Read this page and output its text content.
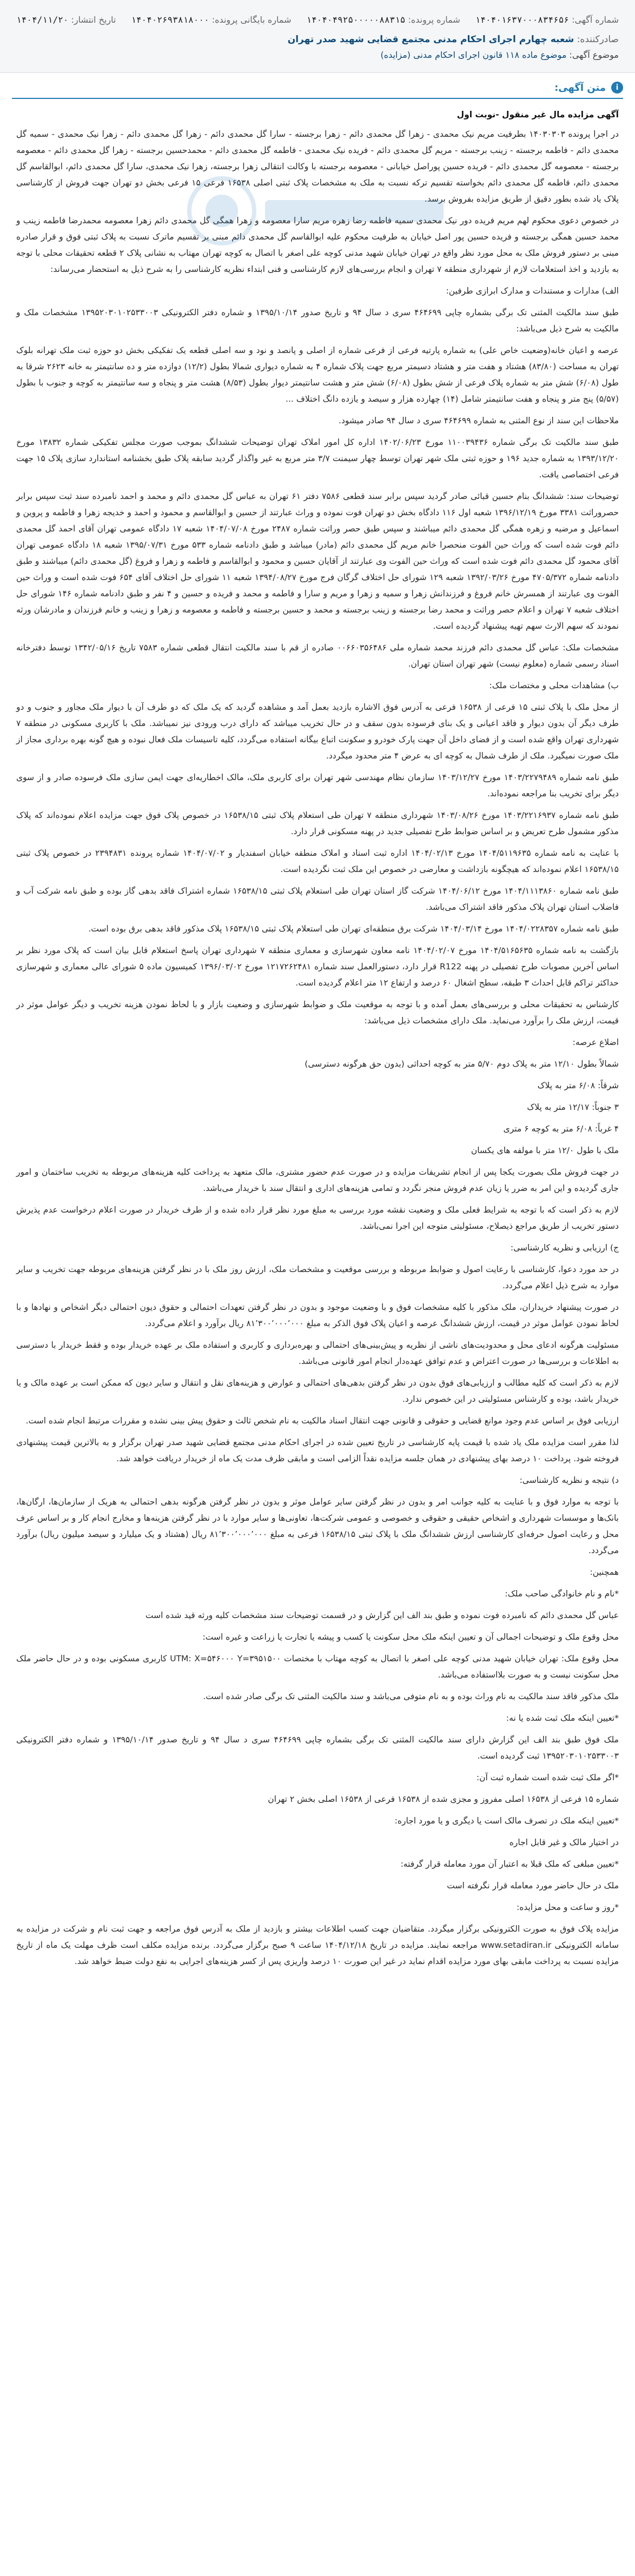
شماره آگهی: ۱۴۰۴۰۱۶۳۷۰۰۰۸۳۴۶۵۶
شماره پرونده: ۱۴۰۴۰۴۹۲۵۰۰۰۰۰۸۸۳۱۵
شماره بایگانی پرونده: ۱۴۰۴۰۲۶۹۳۸۱۸۰۰۰
تاریخ انتشار: ۱۴۰۴/۱۱/۲۰
صادرکننده: شعبه چهارم اجرای احکام مدنی مجتمع قضایی شهید صدر تهران
موضوع آگهی: موضوع ماده ۱۱۸ قانون اجرای احکام مدنی (مزایده)
i
متن آگهی:

آگهی مزایده مال غیر منقول -نوبت اول

در اجرا پرونده ۱۴۰۳۰۳۰۳ بطرفیت مریم نیک محمدی - زهرا گل محمدی دائم - زهرا برجسته - سارا گل محمدی دائم - زهرا گل محمدی دائم - زهرا نیک محمدی - سمیه گل محمدی دائم - فاطمه برجسته - زینب برجسته - مریم گل محمدی دائم - فریده نیک محمدی - فاطمه گل محمدی دائم - محمدحسین برجسته - زهرا گل محمدی دائم - معصومه برجسته - معصومه گل محمدی دائم - فریده حسین پوراصل خیابانی - معصومه برجسته با وکالت انتقالی زهرا برجسته، زهرا نیک محمدی، سارا گل محمدی دائم، ابوالقاسم گل محمدی دائم، فاطمه گل محمدی دائم بخواسته تقسیم ترکه نسبت به ملک به مشخصات پلاک ثبتی اصلی ۱۶۵۳۸ فرعی ۱۵ فرعی بخش دو تهران جهت فروش از کارشناسی پلاک یاد شده بطور دقیق از طریق مزایده بفروش برسد.

در خصوص دعوی محکوم لهم مریم فریده دور نیک محمدی سمیه فاطمه رضا زهره مریم سارا معصومه و زهرا همگی گل محمدی دائم زهرا معصومه محمدرضا فاطمه زینب و محمد حسین همگی برجسته و فریده حسین پور اصل خیابان به طرفیت محکوم علیه ابوالقاسم گل محمدی دائم مبنی بر تقسیم ماترک نسبت به پلاک ثبتی فوق و قرار صادره مبنی بر دستور فروش ملک به محل مورد نظر واقع در تهران خیابان شهید مدنی کوچه علی اصغر با اتصال به کوچه تهران مهتاب به نشانی پلاک ۲ قطعه تحقیقات محلی با توجه به بازدید و اخذ استعلامات لازم از شهرداری منطقه ۷ تهران و انجام بررسی‌های لازم کارشناسی و فنی ابتداء نظریه کارشناسی را به شرح ذیل به استحضار می‌رساند:

الف) مدارات و مستندات و مدارک ابرازی طرفین:

طبق سند مالکیت المثنی تک برگی بشماره چاپی ۴۶۴۶۹۹ سری د سال ۹۴ و تاریخ صدور ۱۳۹۵/۱۰/۱۴ و شماره دفتر الکترونیکی ۱۳۹۵۲۰۳۰۱۰۲۵۳۳۰۰۳ مشخصات ملک و مالکیت به شرح ذیل می‌باشد:

عرصه و اعیان خانه(وضعیت خاص علی) به شماره پارتیه فرعی از فرعی شماره از اصلی و پانصد و نود و سه اصلی قطعه یک تفکیکی بخش دو حوزه ثبت ملک تهرانه بلوک تهران به مساحت (۸۳/۸۰) هشتاد و هفت متر و هشتاد دسیمتر مربع جهت پلاک شماره ۴ به شماره دیواری شمالا بطول (۱۲/۲) دوازده متر و ده سانتیمتر به خانه ۲۶۲۳ شرقا به طول (۶/۰۸) شش متر به شماره پلاک فرعی از شش بطول (۶/۰۸) شش متر و هشت سانتیمتر دیوار بطول (۸/۵۳) هشت متر و پنجاه و سه سانتیمتر به کوچه و جنوب با بطول (۵/۵۷) پنج متر و پنجاه و هفت سانتیمتر شامل (۱۴) چهارده هزار و سیصد و یازده دانگ اختلاف ...

ملاحظات این سند از نوع المثنی به شماره ۴۶۴۶۹۹ سری د سال ۹۴ صادر میشود.

طبق سند مالکیت تک برگی شماره ۱۱۰۰۳۹۴۳۶ مورخ ۱۴۰۲/۰۶/۲۳ اداره کل امور املاک تهران توضیحات ششدانگ بموجب صورت مجلس تفکیکی شماره ۱۳۸۳۲ مورخ ۱۳۹۳/۱۲/۲۰ به شماره جدید ۱۹۶ و حوزه ثبتی ملک شهر تهران توسط چهار سیمنت ۳/۷ متر مربع به غیر واگذار گردید سابقه پلاک طبق بخشنامه استاندارد سازی پلاک ۱۵ جهت فرعی اختصاصی یافت.

توضیحات سند: ششدانگ بنام حسین قبائی صادر گردید سپس برابر سند قطعی ۷۵۸۶ دفتر ۶۱ تهران به عباس گل محمدی دائم و محمد و احمد نامبرده سند ثبت سپس برابر حصروراثت ۳۳۸۱ مورخ ۱۳۹۶/۱۲/۱۹ شعبه اول ۱۱۶ دادگاه بخش دو تهران فوت نموده و وراث عبارتند از حسین و ابوالقاسم و محمود و احمد و خدیجه زهرا و فاطمه و پروین و اسماعیل و مرضیه و زهره همگی گل محمدی دائم میباشند و سپس طبق حصر وراثت شماره ۲۴۸۷ مورخ ۱۴۰۴/۰۷/۰۸ شعبه ۱۷ دادگاه عمومی تهران آقای احمد گل محمدی دائم فوت شده است که وراث حین الفوت منحصرا خانم مریم گل محمدی دائم (مادر) میباشد و طبق دادنامه شماره ۵۳۳ مورخ ۱۳۹۵/۰۷/۳۱ شعبه ۱۸ دادگاه عمومی تهران آقای محمود گل محمدی دائم فوت شده است که وراث حین الفوت وی عبارتند از آقایان حسین و محمود و ابوالقاسم و فاطمه و زهرا و فروغ (گل محمدی دائم) میباشند و طبق دادنامه شماره ۴۷۰۵/۳۷۲ مورخ ۱۳۹۲/۰۳/۲۶ شعبه ۱۲۹ شورای حل اختلاف گرگان فرج مورخ ۱۳۹۴/۰۸/۲۷ شعبه ۱۱ شورای حل اختلاف آقای ۶۵۴ فوت شده است و وراث حین الفوت وی عبارتند از همسرش خانم فروغ و فرزندانش زهرا و سمیه و زهرا و مریم و سارا و فاطمه و محمد و فریده و حسین و ۴ نفر و طبق دادنامه شماره ۱۴۶ شورای حل اختلاف شعبه ۷ تهران و اعلام حصر وراثت و محمد رضا برجسته و زینب برجسته و محمد و حسین برجسته و فاطمه و معصومه و زهرا و زینب و خانم فرزندان و مادرشان ورثه نمودند که سهم الارث سهم تهیه پیشنهاد گردیده است.

مشخصات ملک: عباس گل محمدی دائم فرزند محمد شماره ملی ۰۰۶۶۰۳۵۶۴۸۶ صادره از قم با سند مالکیت انتقال قطعی شماره ۷۵۸۳ تاریخ ۱۳۴۲/۰۵/۱۶ توسط دفترخانه اسناد رسمی شماره (معلوم نیست) شهر تهران استان تهران.

ب) مشاهدات محلی و مختصات ملک:

از محل ملک با پلاک ثبتی ۱۵ فرعی از ۱۶۵۳۸ فرعی به آدرس فوق الاشاره بازدید بعمل آمد و مشاهده گردید که یک ملک که دو طرف آن با دیوار ملک مجاور و جنوب و دو طرف دیگر آن بدون دیوار و فاقد اعیانی و یک بنای فرسوده بدون سقف و در حال تخریب میباشد که دارای درب ورودی نیز نمیباشد. ملک با کاربری مسکونی در منطقه ۷ شهرداری تهران واقع شده است و از فضای داخل آن جهت پارک خودرو و سکونت اتباع بیگانه استفاده می‌گردد، کلیه تاسیسات ملک فعال نبوده و هیچ گونه بهره برداری مجاز از ملک صورت نمیگیرد. ملک از طرف شمال به کوچه ای به عرض ۴ متر محدود میگردد.

طبق نامه شماره ۱۴۰۳/۲۲۷۹۴۸۹ مورخ ۱۴۰۳/۱۲/۲۷ سازمان نظام مهندسی شهر تهران برای کاربری ملک، مالک اخطاریه‌ای جهت ایمن سازی ملک فرسوده صادر و از سوی دیگر برای تخریب بنا مراجعه نموده‌اند.

طبق نامه شماره ۱۴۰۳/۲۲۱۶۹۳۷ مورخ ۱۴۰۳/۰۸/۲۶ شهرداری منطقه ۷ تهران طی استعلام پلاک ثبتی ۱۶۵۳۸/۱۵ در خصوص پلاک فوق جهت مزایده اعلام نموده‌اند که پلاک مذکور مشمول طرح تعریض و بر اساس ضوابط طرح تفصیلی جدید در پهنه مسکونی قرار دارد.

با عنایت به نامه شماره ۱۴۰۴/۵۱۱۹۶۳۵ مورخ ۱۴۰۴/۰۲/۱۳ اداره ثبت اسناد و املاک منطقه خیابان اسفندیار و ۱۴۰۴/۰۷/۰۲ شماره پرونده ۲۳۹۴۸۳۱ در خصوص پلاک ثبتی ۱۶۵۳۸/۱۵ اعلام نموده‌اند که هیچگونه بازداشت و معارضی در خصوص این ملک ثبت نگردیده است.

طبق نامه شماره ۱۴۰۴/۱۱۱۳۸۶۰ مورخ ۱۴۰۴/۰۶/۱۲ شرکت گاز استان تهران طی استعلام پلاک ثبتی ۱۶۵۳۸/۱۵ شماره اشتراک فاقد بدهی گاز بوده و طبق نامه شرکت آب و فاضلاب استان تهران پلاک مذکور فاقد اشتراک می‌باشد.

طبق نامه شماره ۱۴۰۴/۰۲۲۸۳۵۷ مورخ ۱۴۰۴/۰۳/۱۴ شرکت برق منطقه‌ای تهران طی استعلام پلاک ثبتی ۱۶۵۳۸/۱۵ پلاک مذکور فاقد بدهی برق بوده است.

بازگشت به نامه شماره ۱۴۰۴/۵۱۶۵۶۳۵ مورخ ۱۴۰۴/۰۲/۰۷ نامه معاون شهرسازی و معماری منطقه ۷ شهرداری تهران پاسخ استعلام قابل بیان است که پلاک مورد نظر بر اساس آخرین مصوبات طرح تفصیلی در پهنه R122 قرار دارد، دستورالعمل سند شماره ۱۲۱۷۲۶۲۴۸۱ مورخ ۱۳۹۶/۰۳/۰۲ کمیسیون ماده ۵ شورای عالی معماری و شهرسازی حداکثر تراکم قابل احداث ۳ طبقه، سطح اشغال ۶۰ درصد و ارتفاع ۱۲ متر اعلام گردیده است.

کارشناس به تحقیقات محلی و بررسی‌های بعمل آمده و با توجه به موقعیت ملک و ضوابط شهرسازی و وضعیت بازار و با لحاظ نمودن هزینه تخریب و دیگر عوامل موثر در قیمت، ارزش ملک را برآورد می‌نماید. ملک دارای مشخصات ذیل می‌باشد:

اضلاع عرصه:

شمالاً بطول ۱۲/۱۰ متر به پلاک دوم ۵/۷۰ متر به کوچه احداثی (بدون حق هرگونه دسترسی)

شرقاً: ۶/۰۸ متر به پلاک

۳ جنوباً: ۱۲/۱۷ متر به پلاک

۴ غرباً: ۶/۰۸ متر به کوچه ۶ متری

ملک با طول ۱۲/۰ متر با مولفه های یکسان

در جهت فروش ملک بصورت یکجا پس از انجام تشریفات مزایده و در صورت عدم حضور مشتری، مالک متعهد به پرداخت کلیه هزینه‌های مربوطه به تخریب ساختمان و امور جاری گردیده و این امر به ضرر یا زیان عدم فروش منجر نگردد و تمامی هزینه‌های اداری و انتقال سند با خریدار می‌باشد.

لازم به ذکر است که با توجه به شرایط فعلی ملک و وضعیت نقشه مورد بررسی به مبلغ مورد نظر قرار داده شده و از طرف خریدار در صورت اعلام درخواست عدم پذیرش دستور تخریب از طریق مراجع ذیصلاح، مسئولیتی متوجه این اجرا نمی‌باشد.

ج) ارزیابی و نظریه کارشناسی:

در حد مورد دعوا، کارشناسی با رعایت اصول و ضوابط مربوطه و بررسی موقعیت و مشخصات ملک، ارزش روز ملک با در نظر گرفتن هزینه‌های مربوطه جهت تخریب و سایر موارد به شرح ذیل اعلام می‌گردد.

در صورت پیشنهاد خریداران، ملک مذکور با کلیه مشخصات فوق و با وضعیت موجود و بدون در نظر گرفتن تعهدات احتمالی و حقوق دیون احتمالی دیگر اشخاص و نهادها و با لحاظ نمودن عوامل موثر در قیمت، ارزش ششدانگ عرصه و اعیان پلاک فوق الذکر به مبلغ ۸۱٬۳۰۰٬۰۰۰٬۰۰۰ ریال برآورد و اعلام می‌گردد.

مسئولیت هرگونه ادعای محل و محدودیت‌های ناشی از نظریه و پیش‌بینی‌های احتمالی و بهره‌برداری و کاربری و استفاده ملک بر عهده خریدار بوده و فقط خریدار با دسترسی به اطلاعات و بررسی‌ها در صورت اعتراض و عدم توافق عهده‌دار انجام امور قانونی می‌باشد.

لازم به ذکر است که کلیه مطالب و ارزیابی‌های فوق بدون در نظر گرفتن بدهی‌های احتمالی و عوارض و هزینه‌های نقل و انتقال و سایر دیون که ممکن است بر عهده مالک و یا خریدار باشد، بوده و کارشناس مسئولیتی در این خصوص ندارد.

ارزیابی فوق بر اساس عدم وجود موانع قضایی و حقوقی و قانونی جهت انتقال اسناد مالکیت به نام شخص ثالث و حقوق پیش بینی نشده و مقررات مرتبط انجام شده است.

لذا مقرر است مزایده ملک یاد شده با قیمت پایه کارشناسی در تاریخ تعیین شده در اجرای احکام مدنی مجتمع قضایی شهید صدر تهران برگزار و به بالاترین قیمت پیشنهادی فروخته شود. پرداخت ۱۰ درصد بهای پیشنهادی در همان جلسه مزایده نقداً الزامی است و مابقی ظرف مدت یک ماه از خریدار دریافت خواهد شد.

د) نتیجه و نظریه کارشناسی:

با توجه به موارد فوق و با عنایت به کلیه جوانب امر و بدون در نظر گرفتن سایر عوامل موثر و بدون در نظر گرفتن هرگونه بدهی احتمالی به هریک از سازمان‌ها، ارگان‌ها، بانک‌ها و موسسات شهرداری و اشخاص حقیقی و حقوقی و خصوصی و عمومی شرکت‌ها، تعاونی‌ها و سایر موارد با در نظر گرفتن هزینه‌ها و مخارج انجام کار و بر اساس عرف محل و رعایت اصول حرفه‌ای کارشناسی ارزش ششدانگ ملک با پلاک ثبتی ۱۶۵۳۸/۱۵ فرعی به مبلغ ۸۱٬۳۰۰٬۰۰۰٬۰۰۰ ریال (هشتاد و یک میلیارد و سیصد میلیون ریال) برآورد می‌گردد.

همچنین:

*نام و نام خانوادگی صاحب ملک:

عباس گل محمدی دائم که نامبرده فوت نموده و طبق بند الف این گزارش و در قسمت توضیحات سند مشخصات کلیه ورثه قید شده است

محل وقوع ملک و توضیحات اجمالی آن و تعیین اینکه ملک محل سکونت یا کسب و پیشه یا تجارت یا زراعت و غیره است:

محل وقوع ملک: تهران خیابان شهید مدنی کوچه علی اصغر با اتصال به کوچه مهتاب با مختصات UTM: X=۵۴۶۰۰۰ Y=۳۹۵۱۵۰۰ کاربری مسکونی بوده و در حال حاضر ملک محل سکونت نیست و به صورت بلااستفاده می‌باشد.

ملک مذکور فاقد سند مالکیت به نام وراث بوده و به نام متوفی می‌باشد و سند مالکیت المثنی تک برگی صادر شده است.

*تعیین اینکه ملک ثبت شده یا نه:

ملک فوق طبق بند الف این گزارش دارای سند مالکیت المثنی تک برگی بشماره چاپی ۴۶۴۶۹۹ سری د سال ۹۴ و تاریخ صدور ۱۳۹۵/۱۰/۱۴ و شماره دفتر الکترونیکی ۱۳۹۵۲۰۳۰۱۰۲۵۳۳۰۰۳ ثبت گردیده است.

*اگر ملک ثبت شده است شماره ثبت آن:

شماره ۱۵ فرعی از ۱۶۵۳۸ اصلی مفروز و مجزی شده از ۱۶۵۳۸ فرعی از ۱۶۵۳۸ اصلی بخش ۲ تهران

*تعیین اینکه ملک در تصرف مالک است یا دیگری و یا مورد اجاره:

در اختیار مالک و غیر قابل اجاره

*تعیین مبلغی که ملک قبلا به اعتبار آن مورد معامله قرار گرفته:

ملک در حال حاضر مورد معامله قرار نگرفته است

*روز و ساعت و محل مزایده:

مزایده پلاک فوق به صورت الکترونیکی برگزار میگردد. متقاضیان جهت کسب اطلاعات بیشتر و بازدید از ملک به آدرس فوق مراجعه و جهت ثبت نام و شرکت در مزایده به سامانه الکترونیکی www.setadiran.ir مراجعه نمایند. مزایده در تاریخ ۱۴۰۴/۱۲/۱۸ ساعت ۹ صبح برگزار می‌گردد. برنده مزایده مکلف است ظرف مهلت یک ماه از تاریخ مزایده نسبت به پرداخت مابقی بهای مورد مزایده اقدام نماید در غیر این صورت ۱۰ درصد واریزی پس از کسر هزینه‌های اجرایی به نفع دولت ضبط خواهد شد.
